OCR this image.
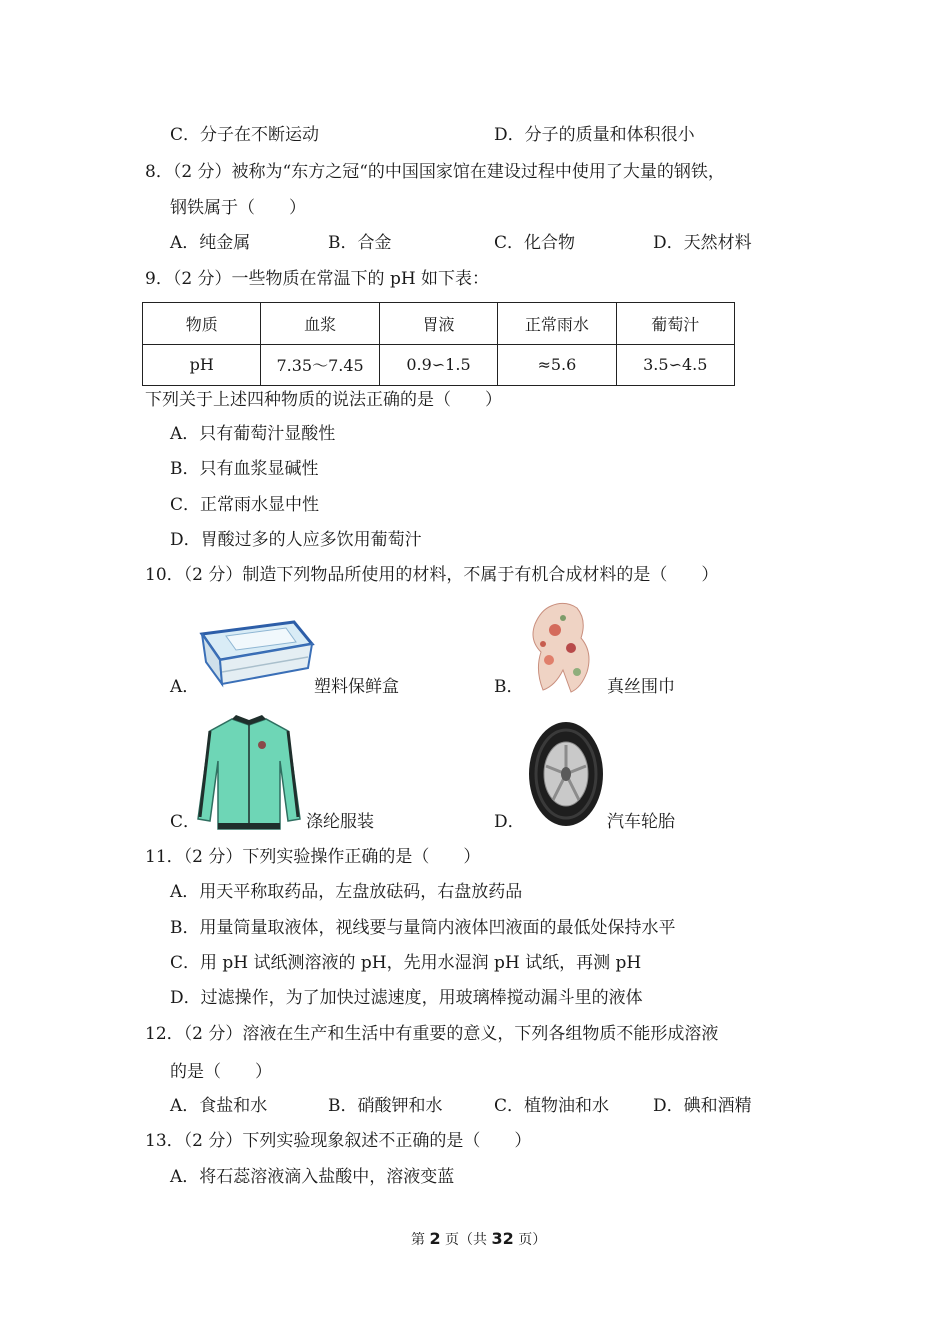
C．分子在不断运动	D．分子的质量和体积很小
8．（2 分）被称为“东方之冠“的中国国家馆在建设过程中使用了大量的钢铁，
钢铁属于（　　）
A．纯金属	B．合金	C．化合物	D．天然材料
9．（2 分）一些物质在常温下的 pH 如下表：
物质	血浆	胃液	正常雨水	葡萄汁
pH	7.35～7.45	0.9∽1.5	≈5.6	3.5∽4.5
下列关于上述四种物质的说法正确的是（　　）
A．只有葡萄汁显酸性
B．只有血浆显碱性
C．正常雨水显中性
D．胃酸过多的人应多饮用葡萄汁
10．（2 分）制造下列物品所使用的材料，不属于有机合成材料的是（　　）
A．	塑料保鲜盒	B．	真丝围巾
C．	涤纶服装	D．	汽车轮胎
11．（2 分）下列实验操作正确的是（　　）
A．用天平称取药品，左盘放砝码，右盘放药品
B．用量筒量取液体，视线要与量筒内液体凹液面的最低处保持水平
C．用 pH 试纸测溶液的 pH，先用水湿润 pH 试纸，再测 pH
D．过滤操作，为了加快过滤速度，用玻璃棒搅动漏斗里的液体
12．（2 分）溶液在生产和生活中有重要的意义，下列各组物质不能形成溶液
的是（　　）
A．食盐和水	B．硝酸钾和水	C．植物油和水	D．碘和酒精
13．（2 分）下列实验现象叙述不正确的是（　　）
A．将石蕊溶液滴入盐酸中，溶液变蓝
第 2 页（共 32 页）
